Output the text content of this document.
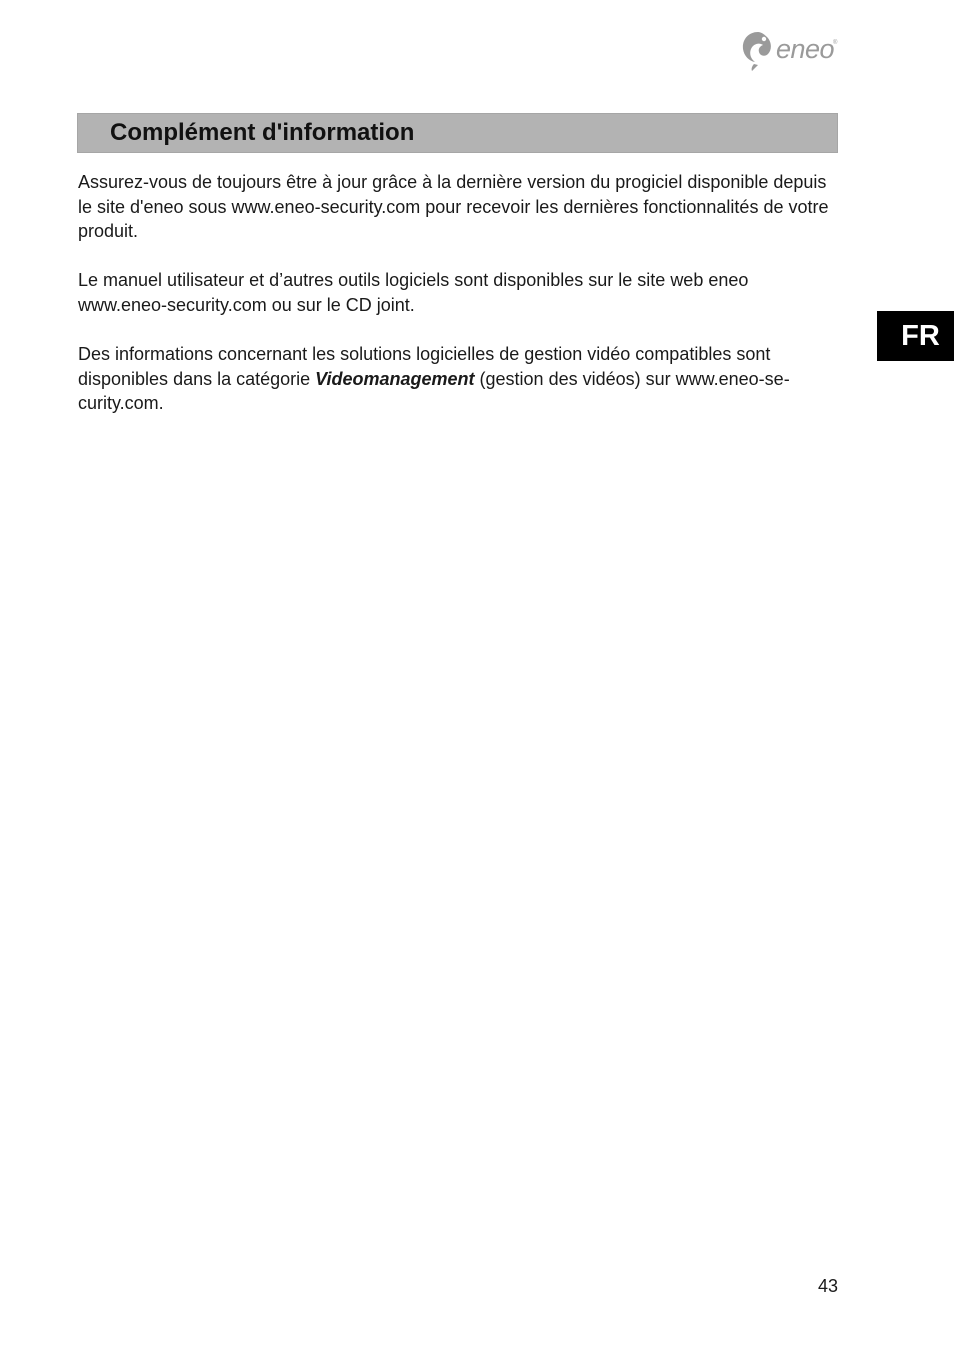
eneo
®
Complément d'information

Assurez-vous de toujours être à jour grâce à la dernière version du progiciel disponible depuis le site d'eneo sous www.eneo-security.com pour recevoir les dernières fonctionnalités de votre produit.

Le manuel utilisateur et d’autres outils logiciels sont disponibles sur le site web eneo www.eneo-security.com ou sur le CD joint.

Des informations concernant les solutions logicielles de gestion vidéo compatibles sont disponibles dans la catégorie Videomanagement (gestion des vidéos) sur www.eneo-security.com.

FR
43
